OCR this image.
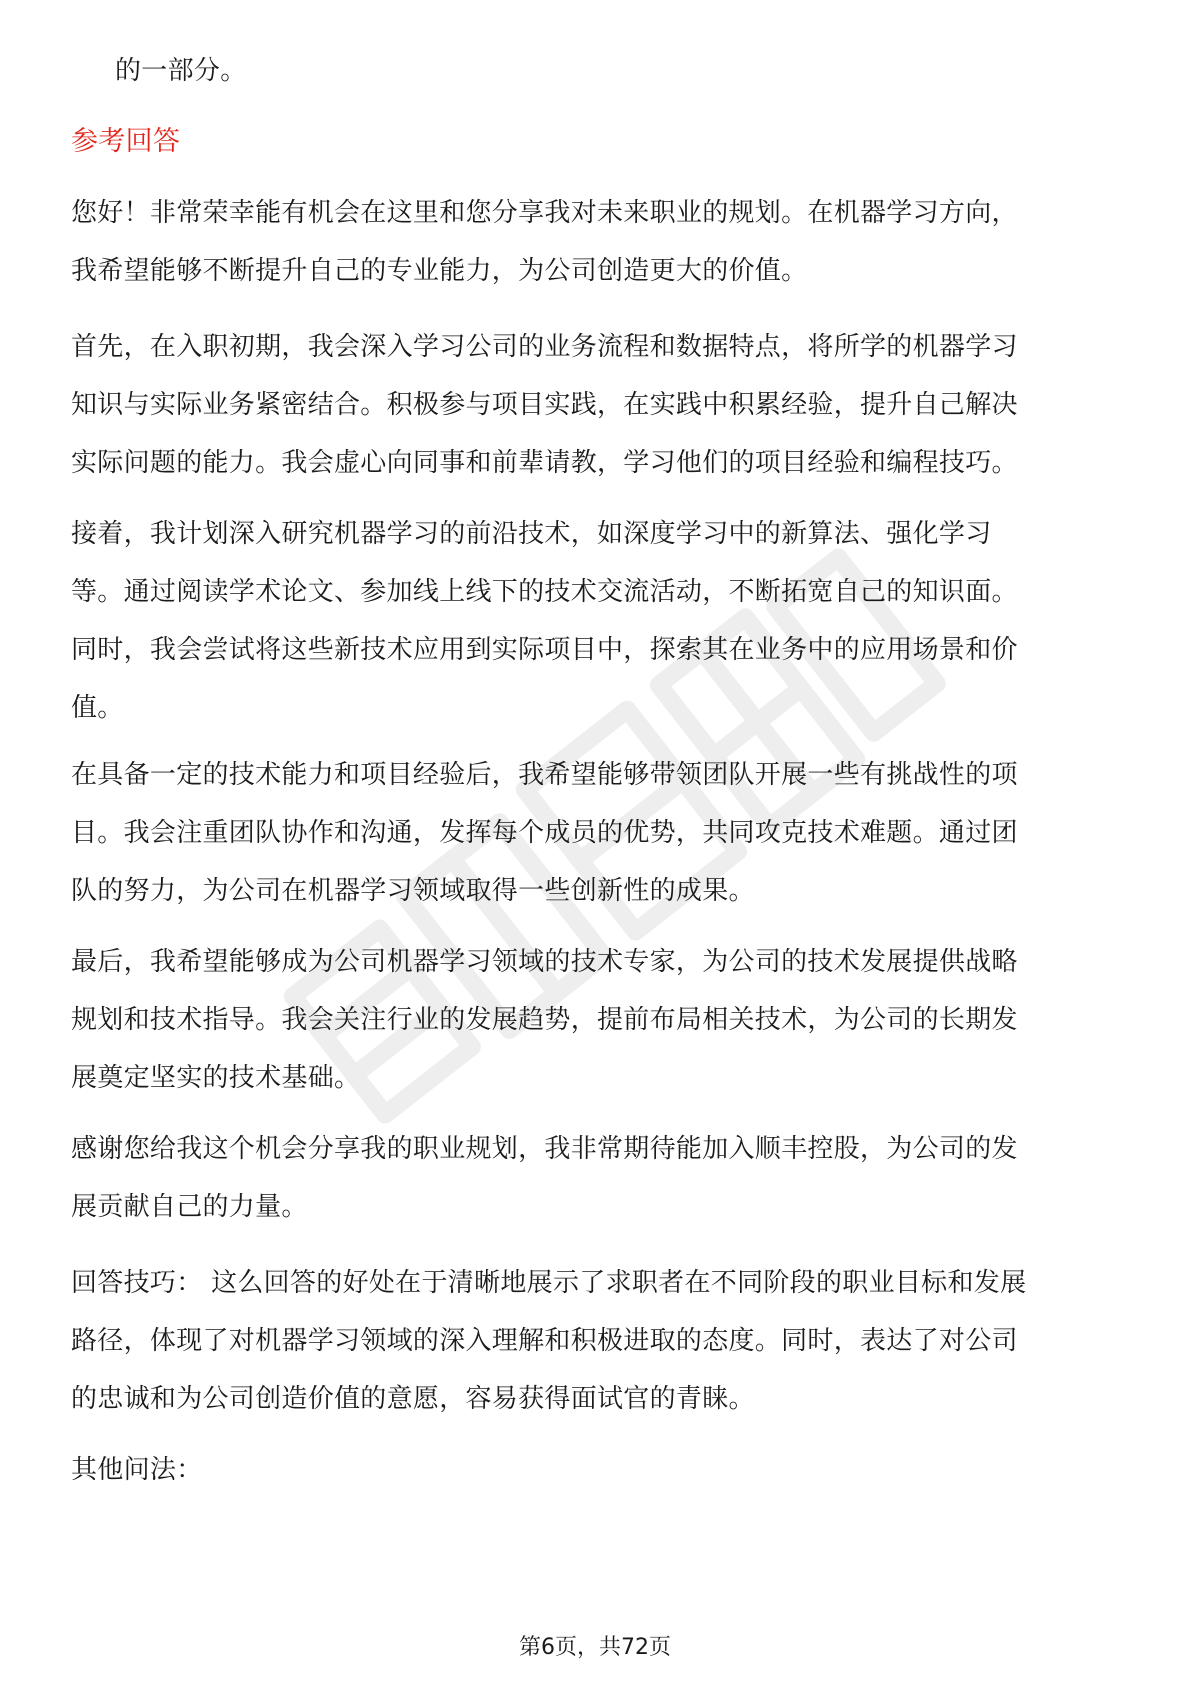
的一部分。
参考回答
您好！非常荣幸能有机会在这里和您分享我对未来职业的规划。在机器学习方向，
我希望能够不断提升自己的专业能力，为公司创造更大的价值。
首先，在入职初期，我会深入学习公司的业务流程和数据特点，将所学的机器学习
知识与实际业务紧密结合。积极参与项目实践，在实践中积累经验，提升自己解决
实际问题的能力。我会虚心向同事和前辈请教，学习他们的项目经验和编程技巧。
接着，我计划深入研究机器学习的前沿技术，如深度学习中的新算法、强化学习
等。通过阅读学术论文、参加线上线下的技术交流活动，不断拓宽自己的知识面。
同时，我会尝试将这些新技术应用到实际项目中，探索其在业务中的应用场景和价
值。
在具备一定的技术能力和项目经验后，我希望能够带领团队开展一些有挑战性的项
目。我会注重团队协作和沟通，发挥每个成员的优势，共同攻克技术难题。通过团
队的努力，为公司在机器学习领域取得一些创新性的成果。
最后，我希望能够成为公司机器学习领域的技术专家，为公司的技术发展提供战略
规划和技术指导。我会关注行业的发展趋势，提前布局相关技术，为公司的长期发
展奠定坚实的技术基础。
感谢您给我这个机会分享我的职业规划，我非常期待能加入顺丰控股，为公司的发
展贡献自己的力量。
回答技巧： 这么回答的好处在于清晰地展示了求职者在不同阶段的职业目标和发展
路径，体现了对机器学习领域的深入理解和积极进取的态度。同时，表达了对公司
的忠诚和为公司创造价值的意愿，容易获得面试官的青睐。
其他问法：
第6页，共72页
